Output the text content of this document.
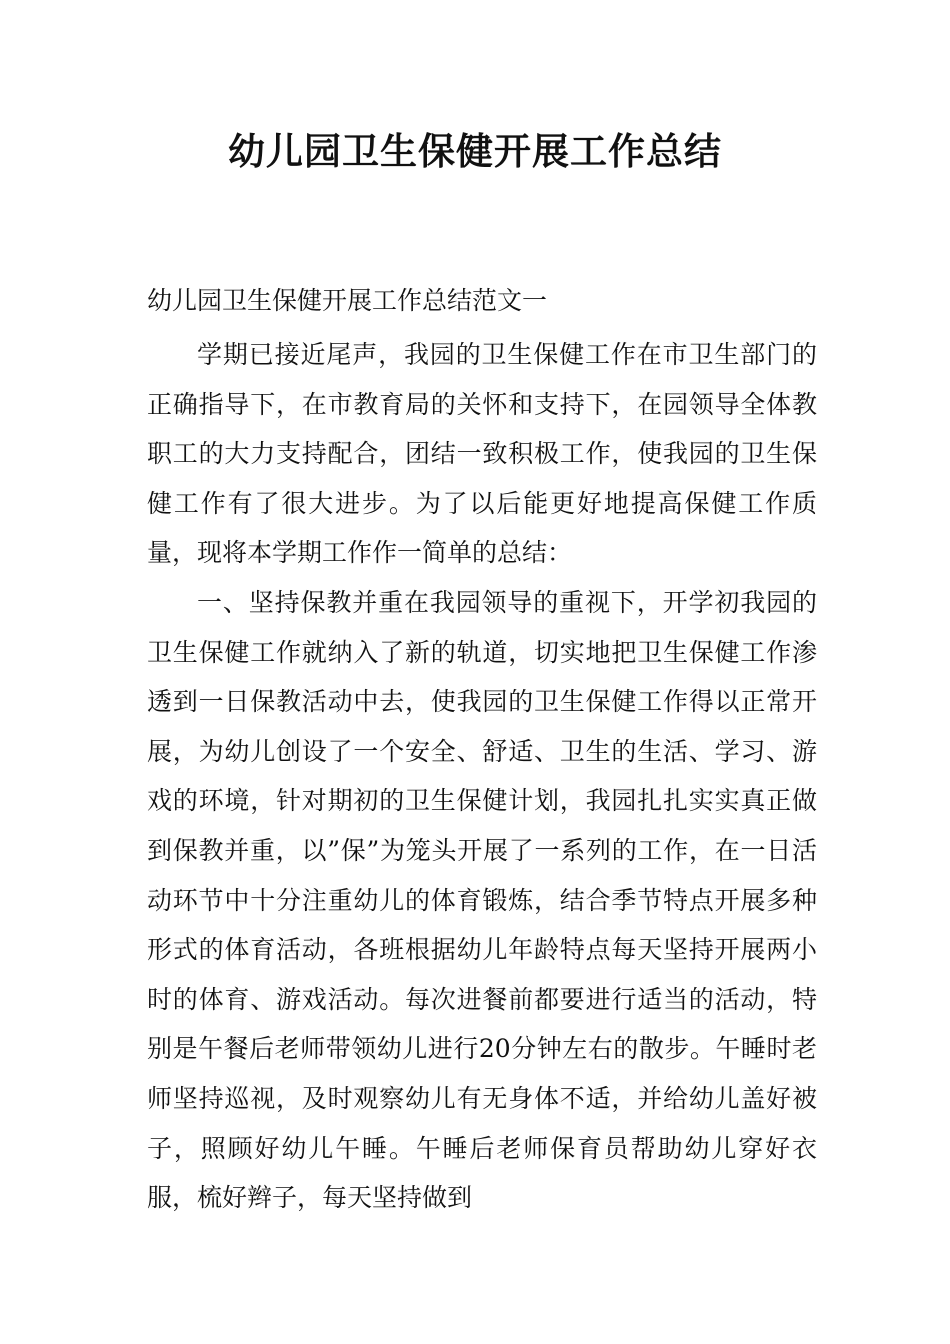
幼儿园卫生保健开展工作总结

幼儿园卫生保健开展工作总结范文一

学期已接近尾声，我园的卫生保健工作在市卫生部门的正确指导下，在市教育局的关怀和支持下，在园领导全体教职工的大力支持配合，团结一致积极工作，使我园的卫生保健工作有了很大进步。为了以后能更好地提高保健工作质量，现将本学期工作作一简单的总结：

一、坚持保教并重在我园领导的重视下，开学初我园的卫生保健工作就纳入了新的轨道，切实地把卫生保健工作渗透到一日保教活动中去，使我园的卫生保健工作得以正常开展，为幼儿创设了一个安全、舒适、卫生的生活、学习、游戏的环境，针对期初的卫生保健计划，我园扎扎实实真正做到保教并重，以”保”为笼头开展了一系列的工作，在一日活动环节中十分注重幼儿的体育锻炼，结合季节特点开展多种形式的体育活动，各班根据幼儿年龄特点每天坚持开展两小时的体育、游戏活动。每次进餐前都要进行适当的活动，特别是午餐后老师带领幼儿进行20分钟左右的散步。午睡时老师坚持巡视，及时观察幼儿有无身体不适，并给幼儿盖好被子，照顾好幼儿午睡。午睡后老师保育员帮助幼儿穿好衣服，梳好辫子，每天坚持做到
